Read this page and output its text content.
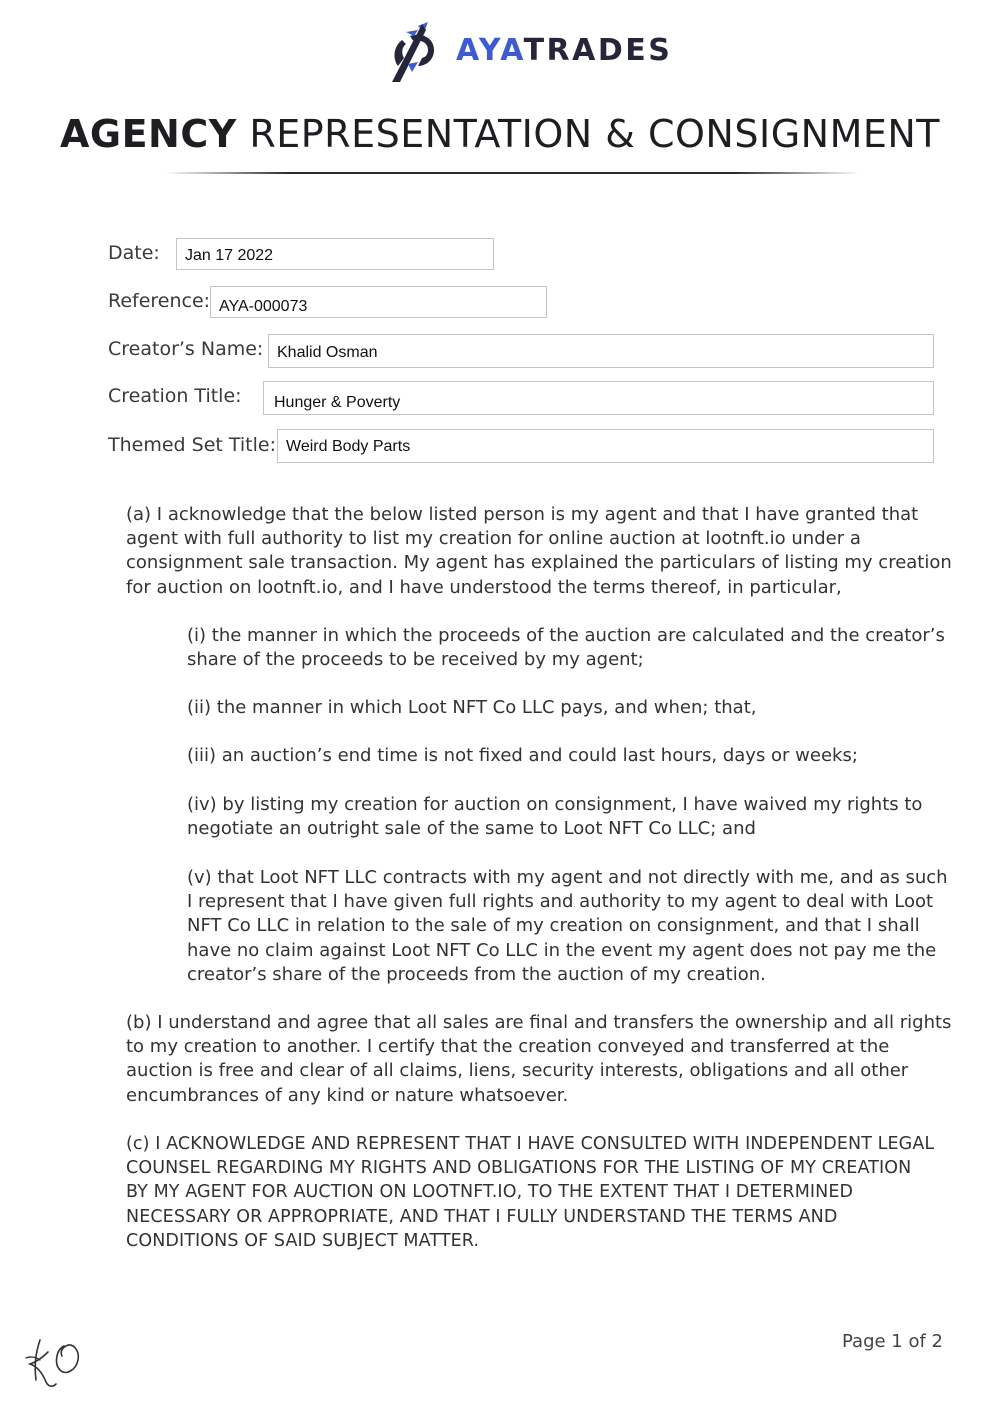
AYATRADES
AGENCY REPRESENTATION & CONSIGNMENT
Date:	Jan 17 2022
Reference: AYA-000073
Creator’s Name: Khalid Osman
Creation Title:	Hunger & Poverty
Themed Set Title: Weird Body Parts

(a) I acknowledge that the below listed person is my agent and that I have granted that agent with full authority to list my creation for online auction at lootnft.io under a consignment sale transaction. My agent has explained the particulars of listing my creation for auction on lootnft.io, and I have understood the terms thereof, in particular,

(i) the manner in which the proceeds of the auction are calculated and the creator’s share of the proceeds to be received by my agent;

(ii) the manner in which Loot NFT Co LLC pays, and when; that,

(iii) an auction’s end time is not fixed and could last hours, days or weeks;

(iv) by listing my creation for auction on consignment, I have waived my rights to negotiate an outright sale of the same to Loot NFT Co LLC; and

(v) that Loot NFT LLC contracts with my agent and not directly with me, and as such I represent that I have given full rights and authority to my agent to deal with Loot NFT Co LLC in relation to the sale of my creation on consignment, and that I shall have no claim against Loot NFT Co LLC in the event my agent does not pay me the creator’s share of the proceeds from the auction of my creation.

(b) I understand and agree that all sales are final and transfers the ownership and all rights to my creation to another. I certify that the creation conveyed and transferred at the auction is free and clear of all claims, liens, security interests, obligations and all other encumbrances of any kind or nature whatsoever.

(c) I ACKNOWLEDGE AND REPRESENT THAT I HAVE CONSULTED WITH INDEPENDENT LEGAL COUNSEL REGARDING MY RIGHTS AND OBLIGATIONS FOR THE LISTING OF MY CREATION BY MY AGENT FOR AUCTION ON LOOTNFT.IO, TO THE EXTENT THAT I DETERMINED NECESSARY OR APPROPRIATE, AND THAT I FULLY UNDERSTAND THE TERMS AND CONDITIONS OF SAID SUBJECT MATTER.

Page 1 of 2
